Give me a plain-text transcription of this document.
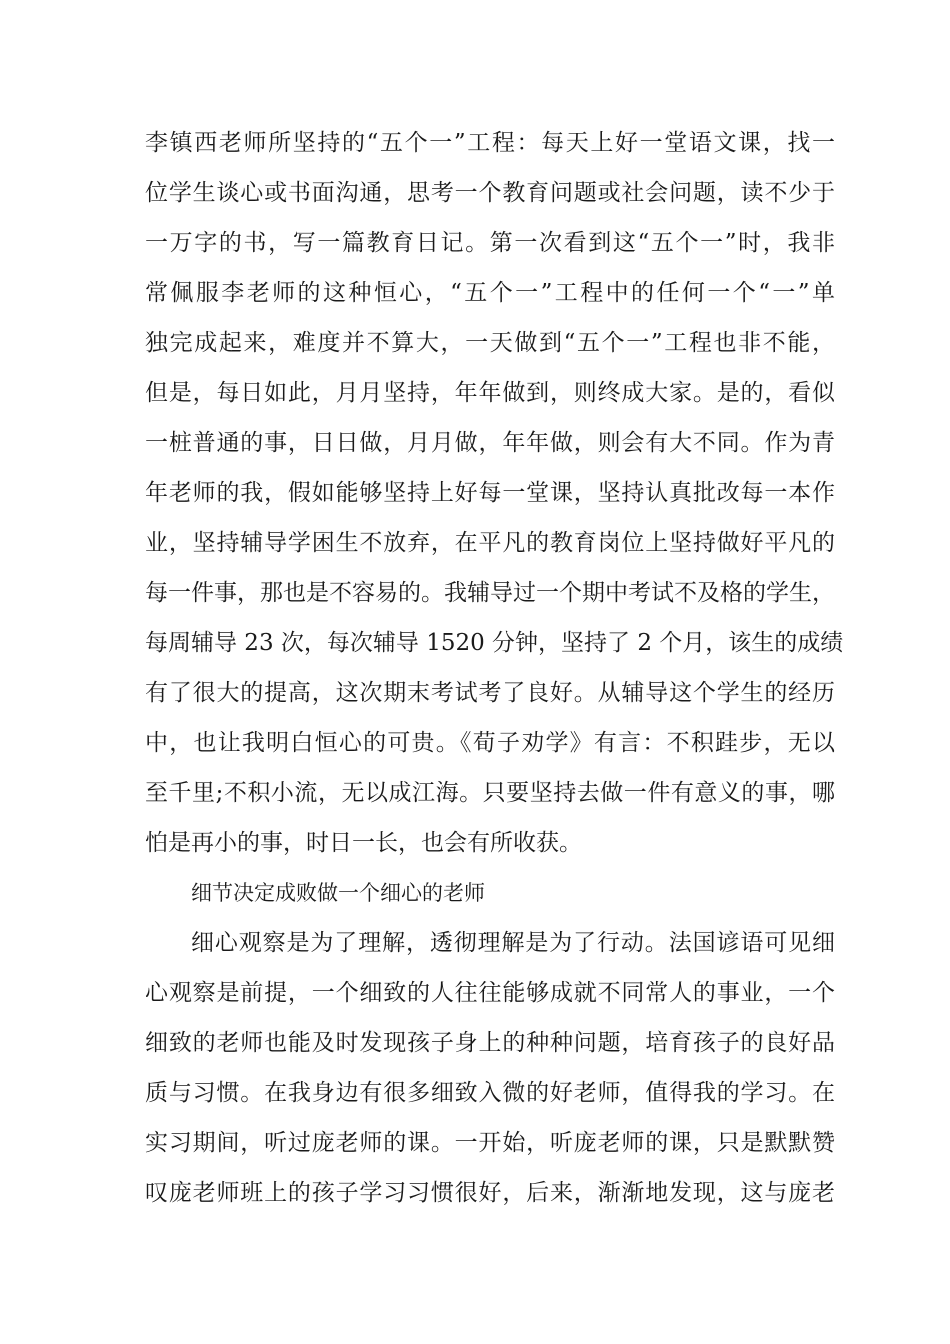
李镇西老师所坚持的“五个一”工程：每天上好一堂语文课，找一
位学生谈心或书面沟通，思考一个教育问题或社会问题，读不少于
一万字的书，写一篇教育日记。第一次看到这“五个一”时，我非
常佩服李老师的这种恒心，“五个一”工程中的任何一个“一”单
独完成起来，难度并不算大，一天做到“五个一”工程也非不能，
但是，每日如此，月月坚持，年年做到，则终成大家。是的，看似
一桩普通的事，日日做，月月做，年年做，则会有大不同。作为青
年老师的我，假如能够坚持上好每一堂课，坚持认真批改每一本作
业，坚持辅导学困生不放弃，在平凡的教育岗位上坚持做好平凡的
每一件事，那也是不容易的。我辅导过一个期中考试不及格的学生，
每周辅导 23 次，每次辅导 1520 分钟，坚持了 2 个月，该生的成绩
有了很大的提高，这次期末考试考了良好。从辅导这个学生的经历
中，也让我明白恒心的可贵。《荀子劝学》有言：不积跬步，无以
至千里;不积小流，无以成江海。只要坚持去做一件有意义的事，哪
怕是再小的事，时日一长，也会有所收获。
细节决定成败做一个细心的老师
细心观察是为了理解，透彻理解是为了行动。法国谚语可见细
心观察是前提，一个细致的人往往能够成就不同常人的事业，一个
细致的老师也能及时发现孩子身上的种种问题，培育孩子的良好品
质与习惯。在我身边有很多细致入微的好老师，值得我的学习。在
实习期间，听过庞老师的课。一开始，听庞老师的课，只是默默赞
叹庞老师班上的孩子学习习惯很好，后来，渐渐地发现，这与庞老
